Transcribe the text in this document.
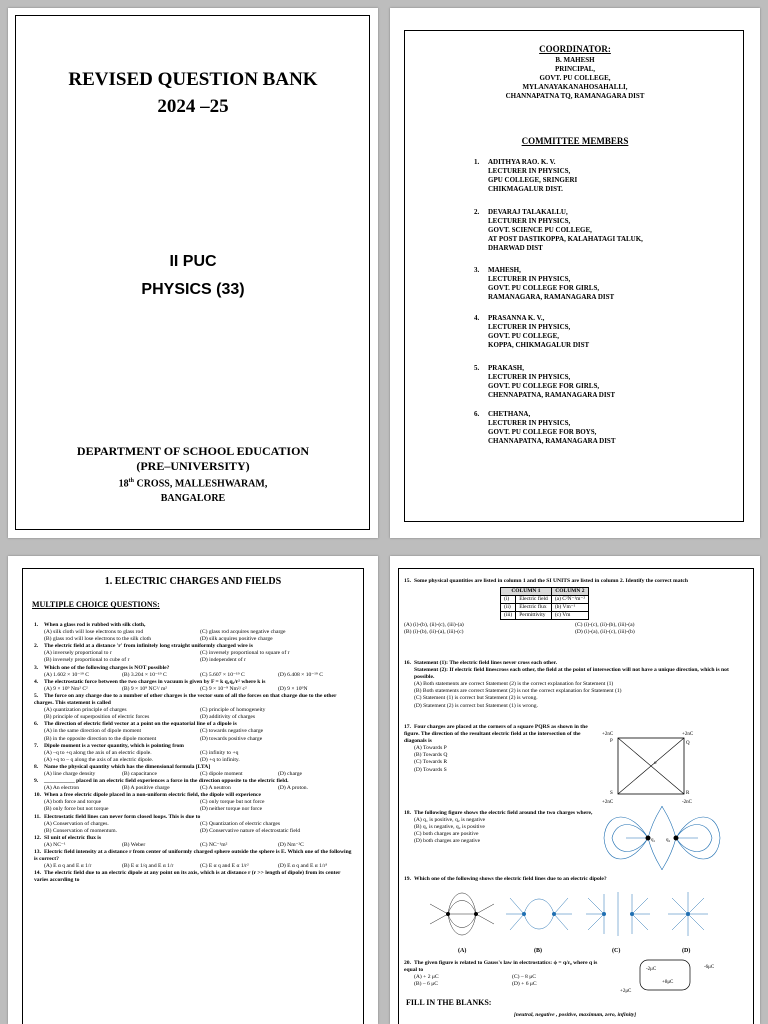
REVISED QUESTION BANK
2024 –25
II PUC
PHYSICS (33)
DEPARTMENT OF SCHOOL EDUCATION
(PRE–UNIVERSITY)
18th CROSS, MALLESHWARAM,
BANGALORE
COORDINATOR:
B. MAHESH
PRINCIPAL,
GOVT. PU COLLEGE,
MYLANAYAKANAHOSAHALLI,
CHANNAPATNA TQ, RAMANAGARA DIST
COMMITTEE MEMBERS
1. ADITHYA RAO. K. V.
LECTURER IN PHYSICS,
GPU COLLEGE, SRINGERI
CHIKMAGALUR DIST.
2. DEVARAJ TALAKALLU,
LECTURER IN PHYSICS,
GOVT. SCIENCE PU COLLEGE,
AT POST DASTIKOPPA, KALAHATAGI TALUK,
DHARWAD DIST
3. MAHESH,
LECTURER IN PHYSICS,
GOVT. PU COLLEGE FOR GIRLS,
RAMANAGARA, RAMANAGARA DIST
4. PRASANNA K. V.,
LECTURER IN PHYSICS,
GOVT. PU COLLEGE,
KOPPA, CHIKMAGALUR DIST
5. PRAKASH,
LECTURER IN PHYSICS,
GOVT. PU COLLEGE FOR GIRLS,
CHENNAPATNA, RAMANAGARA DIST
6. CHETHANA,
LECTURER IN PHYSICS,
GOVT. PU COLLEGE FOR BOYS,
CHANNAPATNA, RAMANAGARA DIST
1. ELECTRIC CHARGES AND FIELDS
MULTIPLE CHOICE QUESTIONS:
1. When a glass rod is rubbed with silk cloth,
(A) silk cloth will lose electrons to glass rod	(C) glass rod acquires negative charge
(B) glass rod will lose electrons to the silk cloth	(D) silk acquires positive charge
2. The electric field at a distance 'r' from infinitely long straight uniformly charged wire is
(A) inversely proportional to r	(C) inversely proportional to square of r
(B) inversely proportional to cube of r	(D) independent of r
3. Which one of the following charges is NOT possible?
(A) 1.602 × 10⁻¹⁹ C	(B) 3.204 × 10⁻¹⁹ C	(C) 5.607 × 10⁻¹⁹ C	(D) 6.408 × 10⁻¹⁹ C
4. The electrostatic force between the two charges in vacuum is given by F = k q₁q₂/r² where k is
(A) 9 × 10⁹ Nm² C²	(B) 9 × 10⁹ NC²/ m²	(C) 9 × 10⁻⁹ Nm²/ c²	(D) 9 × 10⁹N
5. The force on any charge due to a number of other charges is the vector sum of all the forces on that charge due to the other charges. This statement is called
(A) quantization principle of charges	(C) principle of homogeneity
(B) principle of superposition of electric forces	(D) additivity of charges
6. The direction of electric field vector at a point on the equatorial line of a dipole is
(A) in the same direction of dipole moment	(C) towards negative charge
(B) in the opposite direction to the dipole moment	(D) towards positive charge
7. Dipole moment is a vector quantity, which is pointing from
(A) –q to +q along the axis of an electric dipole.	(C) infinity to +q
(A) +q to – q along the axis of an electric dipole.	(D) +q to infinity.
8. Name the physical quantity which has the dimensional formula [LTA]
(A) line charge density	(B) capacitance	(C) dipole moment	(D) charge
9. ___________ placed in an electric field experiences a force in the direction opposite to the electric field.
(A) An electron	(B) A positive charge	(C) A neutron	(D) A proton.
10. When a free electric dipole placed in a non-uniform electric field, the dipole will experience
(A) both force and torque	(C) only torque but not force
(B) only force but not torque	(D) neither torque nor force
11. Electrostatic field lines can never form closed loops. This is due to
(A) Conservation of charges.	(C) Quantization of electric charges
(B) Conservation of momentum.	(D) Conservative nature of electrostatic field
12. SI unit of electric flux is
(A) NC⁻¹	(B) Weber	(C) NC⁻¹m²	(D) Nm⁻²C
13. Electric field intensity at a distance r from center of uniformly charged sphere outside the sphere is E. Which one of the following is correct?
(A) E α q and E α 1/r	(B) E α 1/q and E α 1/r	(C) E α q and E α 1/r²	(D) E α q and E α 1/r³
14. The electric field due to an electric dipole at any point on its axis, which is at distance r (r >> length of dipole) from its center varies according to
15. Some physical quantities are listed in column 1 and the SI UNITS are listed in column 2. Identify the correct match
COLUMN 1		COLUMN 2
(i)	Electric field	(a) C²N⁻¹m⁻²
(ii)	Electric flux	(b) Vm⁻¹
(iii)	Permittivity	(c) Vm
(A) (i)-(b), (ii)-(c), (iii)-(a)	(C) (i)-(c), (ii)-(b), (iii)-(a)
(B) (i)-(b), (ii)-(a), (iii)-(c)	(D) (i)-(a), (ii)-(c), (iii)-(b)
16. Statement (1): The electric field lines never cross each other.
Statement (2): If electric field linescross each other, the field at the point of intersection will not have a unique direction, which is not possible.
(A) Both statements are correct Statement (2) is the correct explanation for Statement (1)
(B) Both statements are correct Statement (2) is not the correct explanation for Statement (1)
(C) Statement (1) is correct but Statement (2) is wrong.
(D) Statement (2) is correct but Statement (1) is wrong.
17. Four charges are placed at the corners of a square PQRS as shown in the figure. The direction of the resultant electric field at the intersection of the diagonals is
(A) Towards P
(B) Towards Q
(C) Towards R
(D) Towards S
+2nC	+2nC
+2nC	-2nC
P	Q
R
S
o
18. The following figure shows the electric field around the two charges where,
(A) q₁ is positive, q₂ is negative
(B) q₁ is negative, q₂ is positive
(C) both charges are positive
(D) both charges are negative	q₁ q₂
19. Which one of the following shows the electric field lines due to an electric dipole?
(A)	(B)	(C)	(D)
20. The given figure is related to Gauss's law in electrostatics: ϕ = q/ε₀ where q is equal to
(A) + 2 μC	(C) – 8 μC
(B) – 6 μC	(D) + 6 μC
-2μC	-6μC
+8μC
+2μC
FILL IN THE BLANKS:
[neutral, negative , positive, maximum, zero, infinity]
